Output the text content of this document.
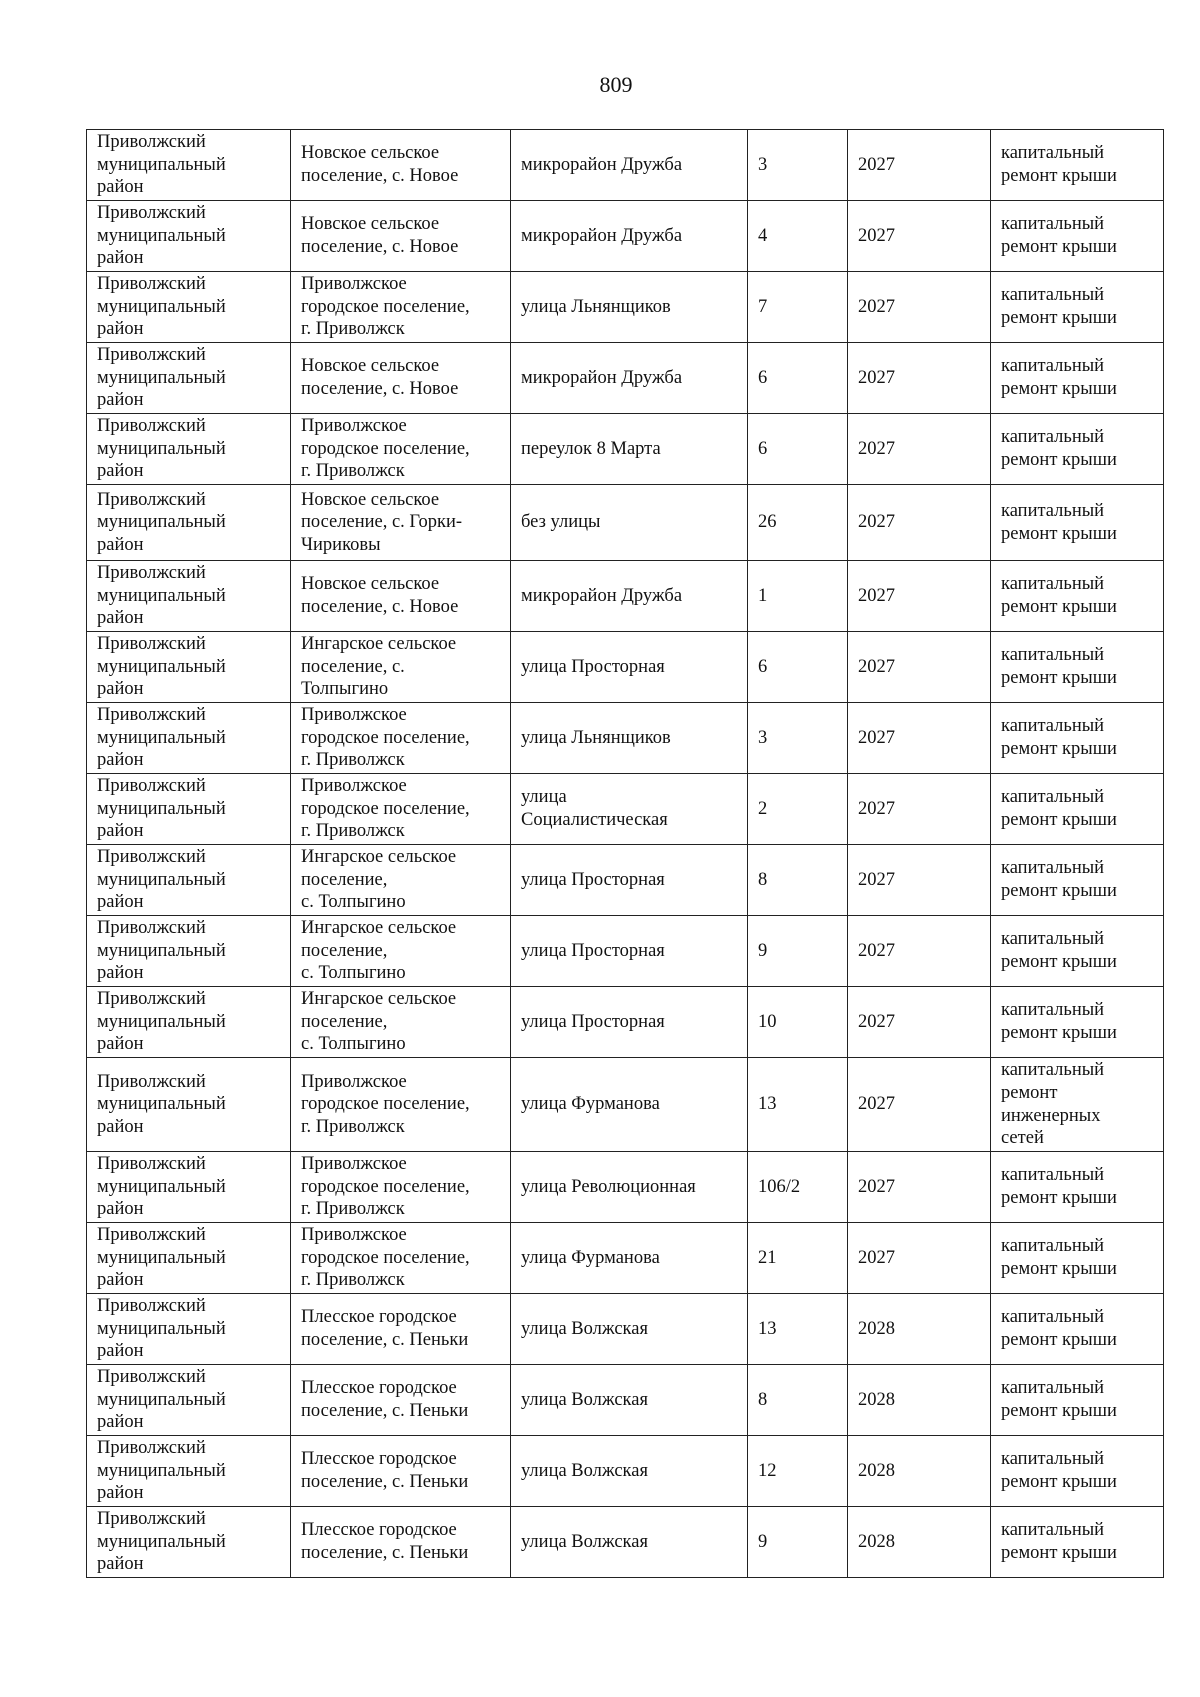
809
Приволжский
муниципальный
район	Новское сельское
поселение, с. Новое	микрорайон Дружба	3	2027	капитальный
ремонт крыши
Приволжский
муниципальный
район	Новское сельское
поселение, с. Новое	микрорайон Дружба	4	2027	капитальный
ремонт крыши
Приволжский
муниципальный
район	Приволжское
городское поселение,
г. Приволжск	улица Льнянщиков	7	2027	капитальный
ремонт крыши
Приволжский
муниципальный
район	Новское сельское
поселение, с. Новое	микрорайон Дружба	6	2027	капитальный
ремонт крыши
Приволжский
муниципальный
район	Приволжское
городское поселение,
г. Приволжск	переулок 8 Марта	6	2027	капитальный
ремонт крыши
Приволжский
муниципальный
район	Новское сельское
поселение, с. Горки-
Чириковы	без улицы	26	2027	капитальный
ремонт крыши
Приволжский
муниципальный
район	Новское сельское
поселение, с. Новое	микрорайон Дружба	1	2027	капитальный
ремонт крыши
Приволжский
муниципальный
район	Ингарское сельское
поселение, с.
Толпыгино	улица Просторная	6	2027	капитальный
ремонт крыши
Приволжский
муниципальный
район	Приволжское
городское поселение,
г. Приволжск	улица Льнянщиков	3	2027	капитальный
ремонт крыши
Приволжский
муниципальный
район	Приволжское
городское поселение,
г. Приволжск	улица
Социалистическая	2	2027	капитальный
ремонт крыши
Приволжский
муниципальный
район	Ингарское сельское
поселение,
с. Толпыгино	улица Просторная	8	2027	капитальный
ремонт крыши
Приволжский
муниципальный
район	Ингарское сельское
поселение,
с. Толпыгино	улица Просторная	9	2027	капитальный
ремонт крыши
Приволжский
муниципальный
район	Ингарское сельское
поселение,
с. Толпыгино	улица Просторная	10	2027	капитальный
ремонт крыши
Приволжский
муниципальный
район	Приволжское
городское поселение,
г. Приволжск	улица Фурманова	13	2027	капитальный
ремонт
инженерных
сетей
Приволжский
муниципальный
район	Приволжское
городское поселение,
г. Приволжск	улица Революционная	106/2	2027	капитальный
ремонт крыши
Приволжский
муниципальный
район	Приволжское
городское поселение,
г. Приволжск	улица Фурманова	21	2027	капитальный
ремонт крыши
Приволжский
муниципальный
район	Плесское городское
поселение, с. Пеньки	улица Волжская	13	2028	капитальный
ремонт крыши
Приволжский
муниципальный
район	Плесское городское
поселение, с. Пеньки	улица Волжская	8	2028	капитальный
ремонт крыши
Приволжский
муниципальный
район	Плесское городское
поселение, с. Пеньки	улица Волжская	12	2028	капитальный
ремонт крыши
Приволжский
муниципальный
район	Плесское городское
поселение, с. Пеньки	улица Волжская	9	2028	капитальный
ремонт крыши
